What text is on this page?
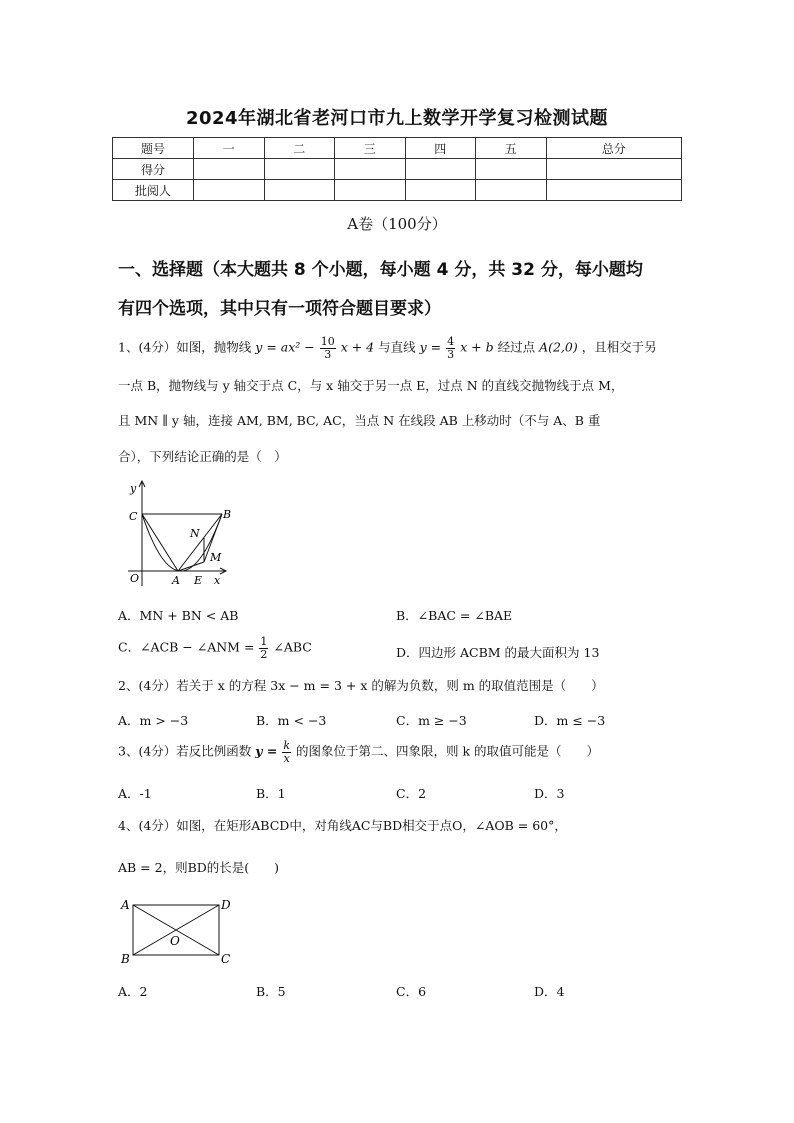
2024年湖北省老河口市九上数学开学复习检测试题
题号	一	二	三	四	五	总分
得分						
批阅人						
A卷（100分）
一、选择题（本大题共 8 个小题，每小题 4 分，共 32 分，每小题均
有四个选项，其中只有一项符合题目要求）
1、(4分）如图，抛物线 $y = ax^2 - \frac{10}{3}$ x + 4 与直线 $y = \frac{4}{3}$ x + b 经过点 A(2,0) ，且相交于另
一点 B，抛物线与 y 轴交于点 C，与 x 轴交于另一点 E，过点 N 的直线交抛物线于点 M，
且 MN ∥ y 轴，连接 AM, BM, BC, AC，当点 N 在线段 AB 上移动时（不与 A、B 重
合），下列结论正确的是（　）
y
C	B
N
M
O	A E x
A．MN + BN < AB	B．∠BAC = ∠BAE
C．∠ACB − ∠ANM = $\frac{1}{2}$ ∠ABC	D．四边形 ACBM 的最大面积为 13
2、(4分）若关于 x 的方程 3x − m = 3 + x 的解为负数，则 m 的取值范围是（　　）
A．m > −3	B．m < −3	C．m ≥ −3	D．m ≤ −3
3、(4分）若反比例函数 $y = \frac{k}{x}$ 的图象位于第二、四象限，则 k 的取值可能是（　　）
A．-1	B．1	C．2	D．3
4、(4分）如图，在矩形ABCD中，对角线AC与BD相交于点O，∠AOB = 60°，
AB = 2，则BD的长是(　　)
A	D
O
B	C
A．2	B．5	C．6	D．4
